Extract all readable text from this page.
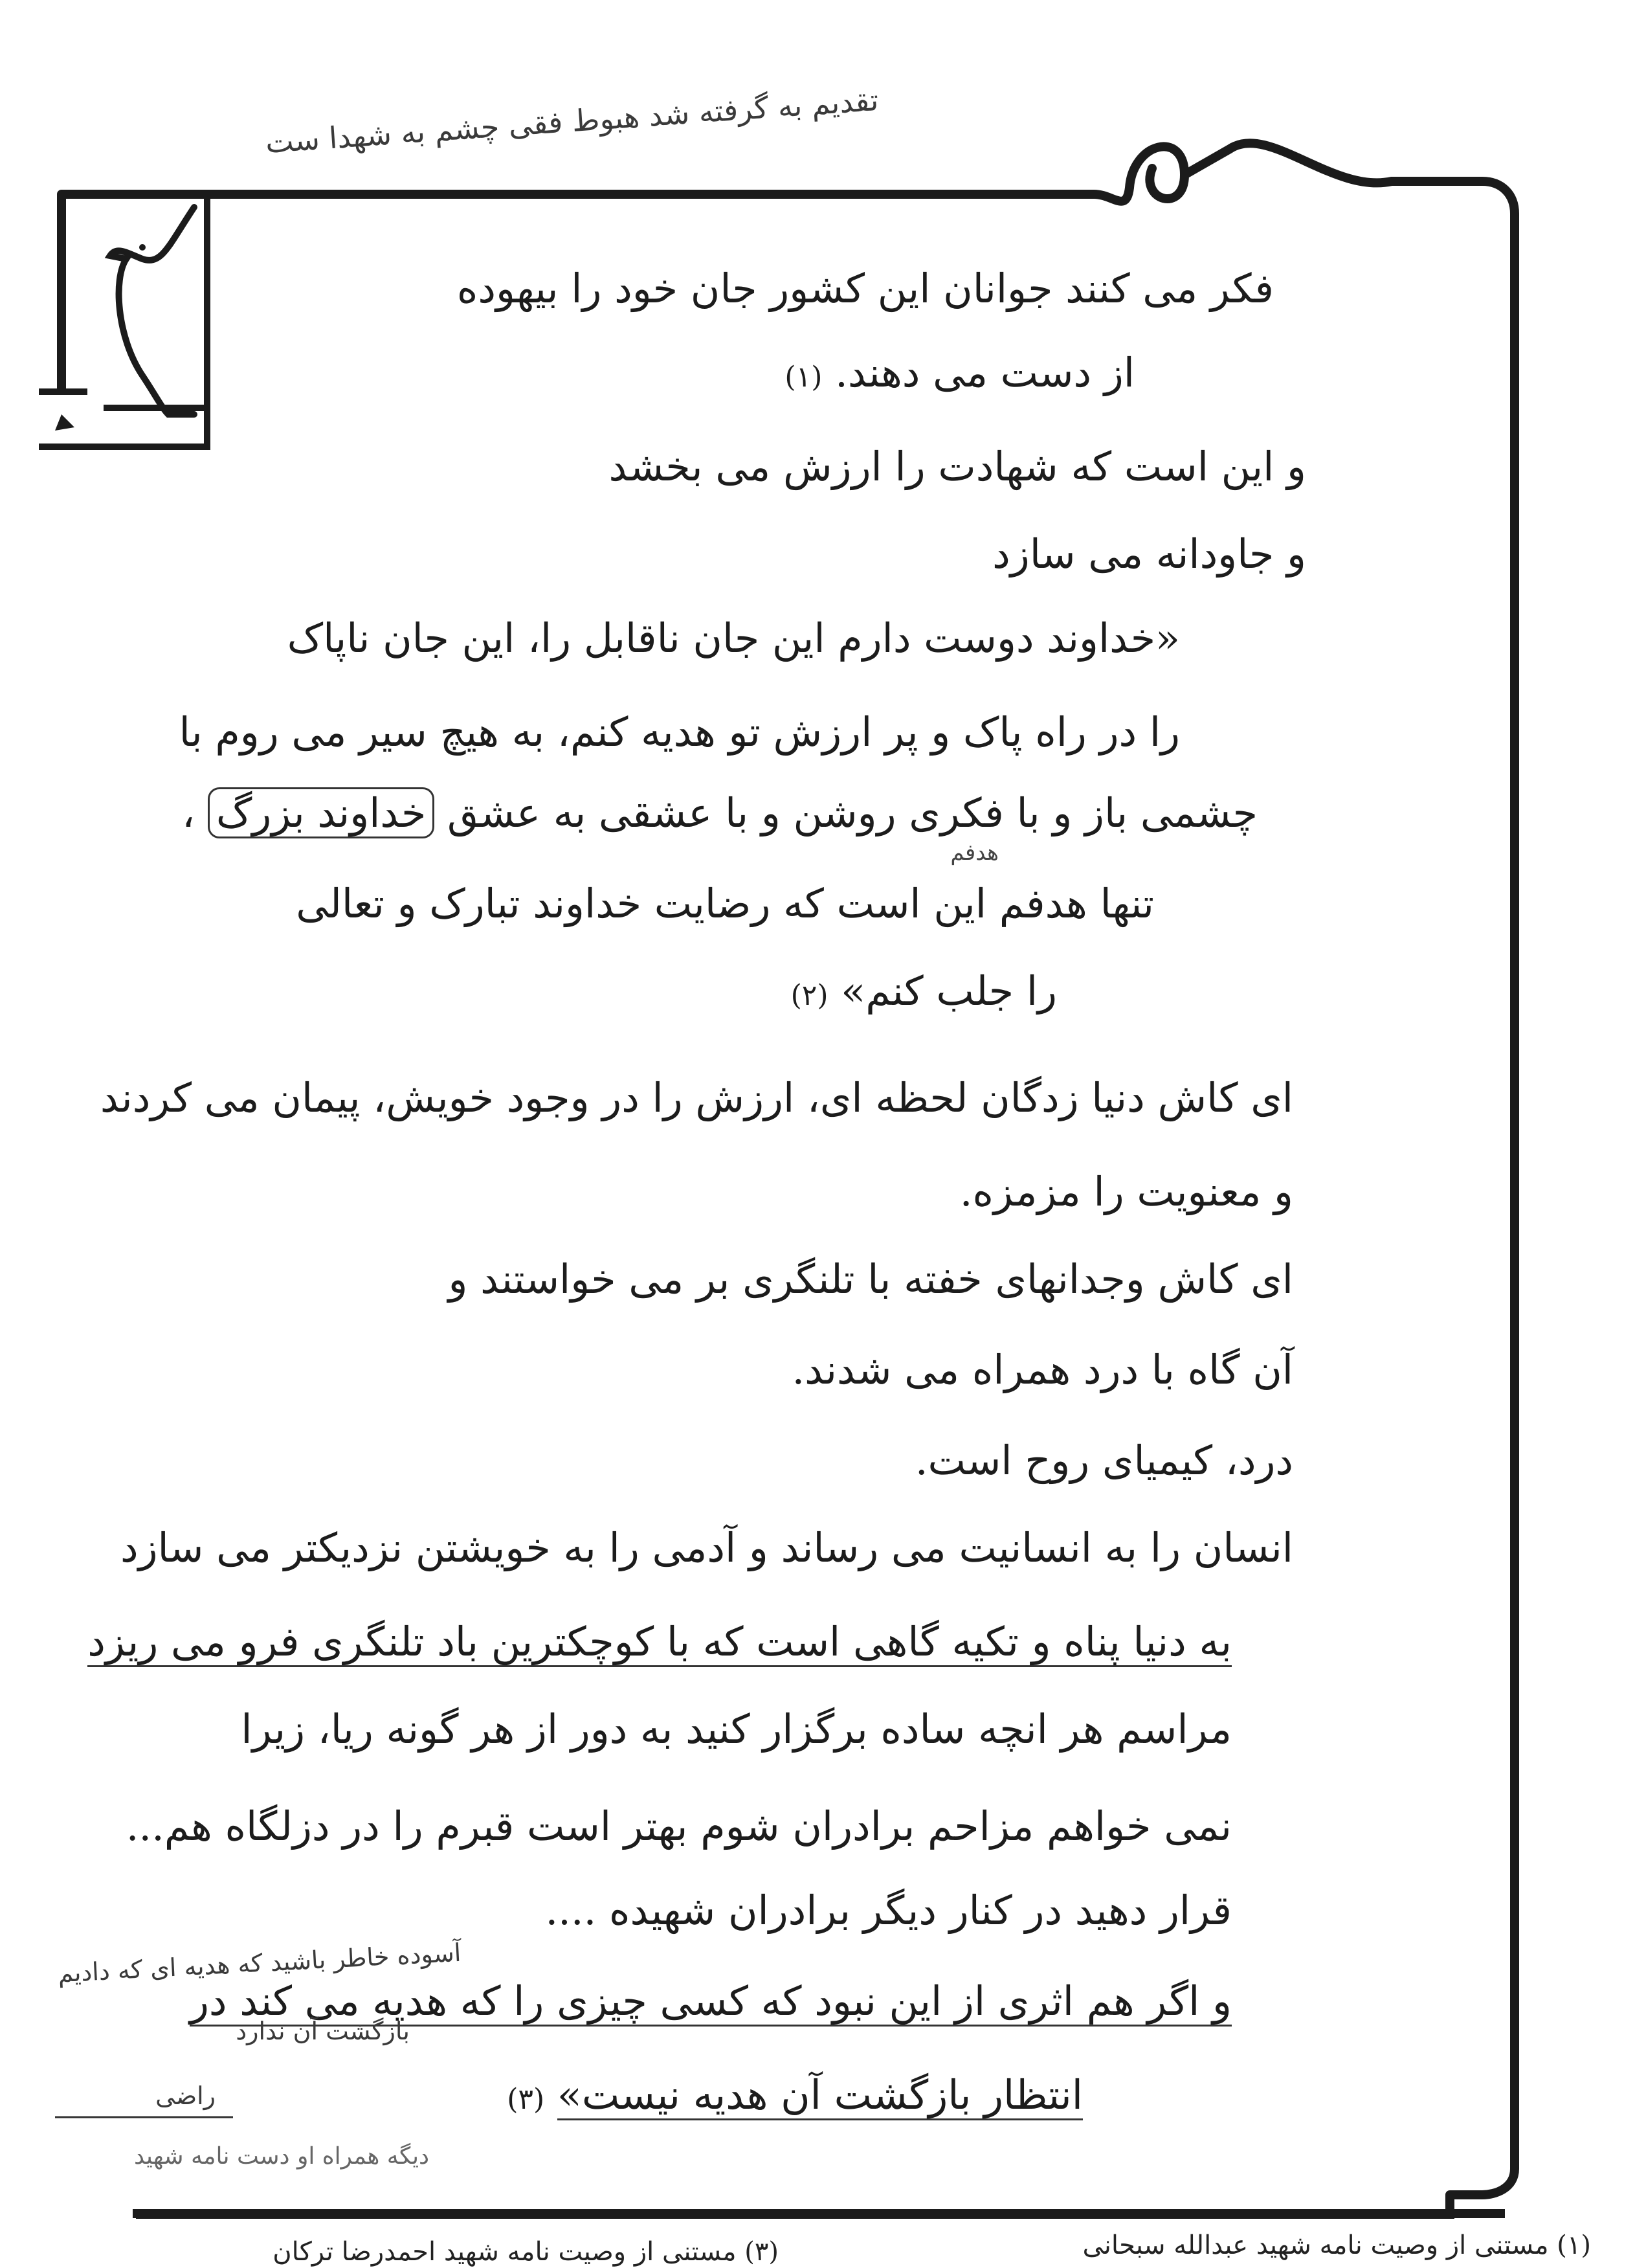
تقدیم به گرفته شد هبوط فقی چشم به شهدا ست
فکر می کنند جوانان این کشور جان خود را بیهوده
از دست می دهند. (۱)
و این است که شهادت را ارزش می بخشد
و جاودانه می سازد
«خداوند دوست دارم این جان ناقابل را، این جان ناپاک
را در راه پاک و پر ارزش تو هدیه کنم، به هیچ سیر می روم با
چشمی باز و با فکری روشن و با عشقی به عشق خداوند بزرگ ،
هدفم
تنها هدفم این است که رضایت خداوند تبارک و تعالی
را جلب کنم» (۲)
ای کاش دنیا زدگان لحظه ای، ارزش را در وجود خویش، پیمان می کردند
و معنویت را مزمزه.
ای کاش وجدانهای خفته با تلنگری بر می خواستند و
آن گاه با درد همراه می شدند.
درد، کیمیای روح است.
انسان را به انسانیت می رساند و آدمی را به خویشتن نزدیکتر می سازد
به دنیا پناه و تکیه گاهی است که با کوچکترین باد تلنگری فرو می ریزد
مراسم هر انچه ساده برگزار کنید به دور از هر گونه ریا، زیرا
نمی خواهم مزاحم برادران شوم بهتر است قبرم را در دزلگاه هم...
قرار دهید در کنار دیگر برادران شهیده ....
و اگر هم اثری از این نبود که کسی چیزی را که هدیه می کند در
انتظار بازگشت آن هدیه نیست» (۳)
آسوده خاطر باشید که هدیه ای که دادیم
بازگشت آن ندارد
راضی
دیگه همراه او دست نامه شهید
(۱) مستنی از وصیت نامه شهید عبدالله سبحانی
(۳) مستنی از وصیت نامه شهید احمدرضا ترکان
